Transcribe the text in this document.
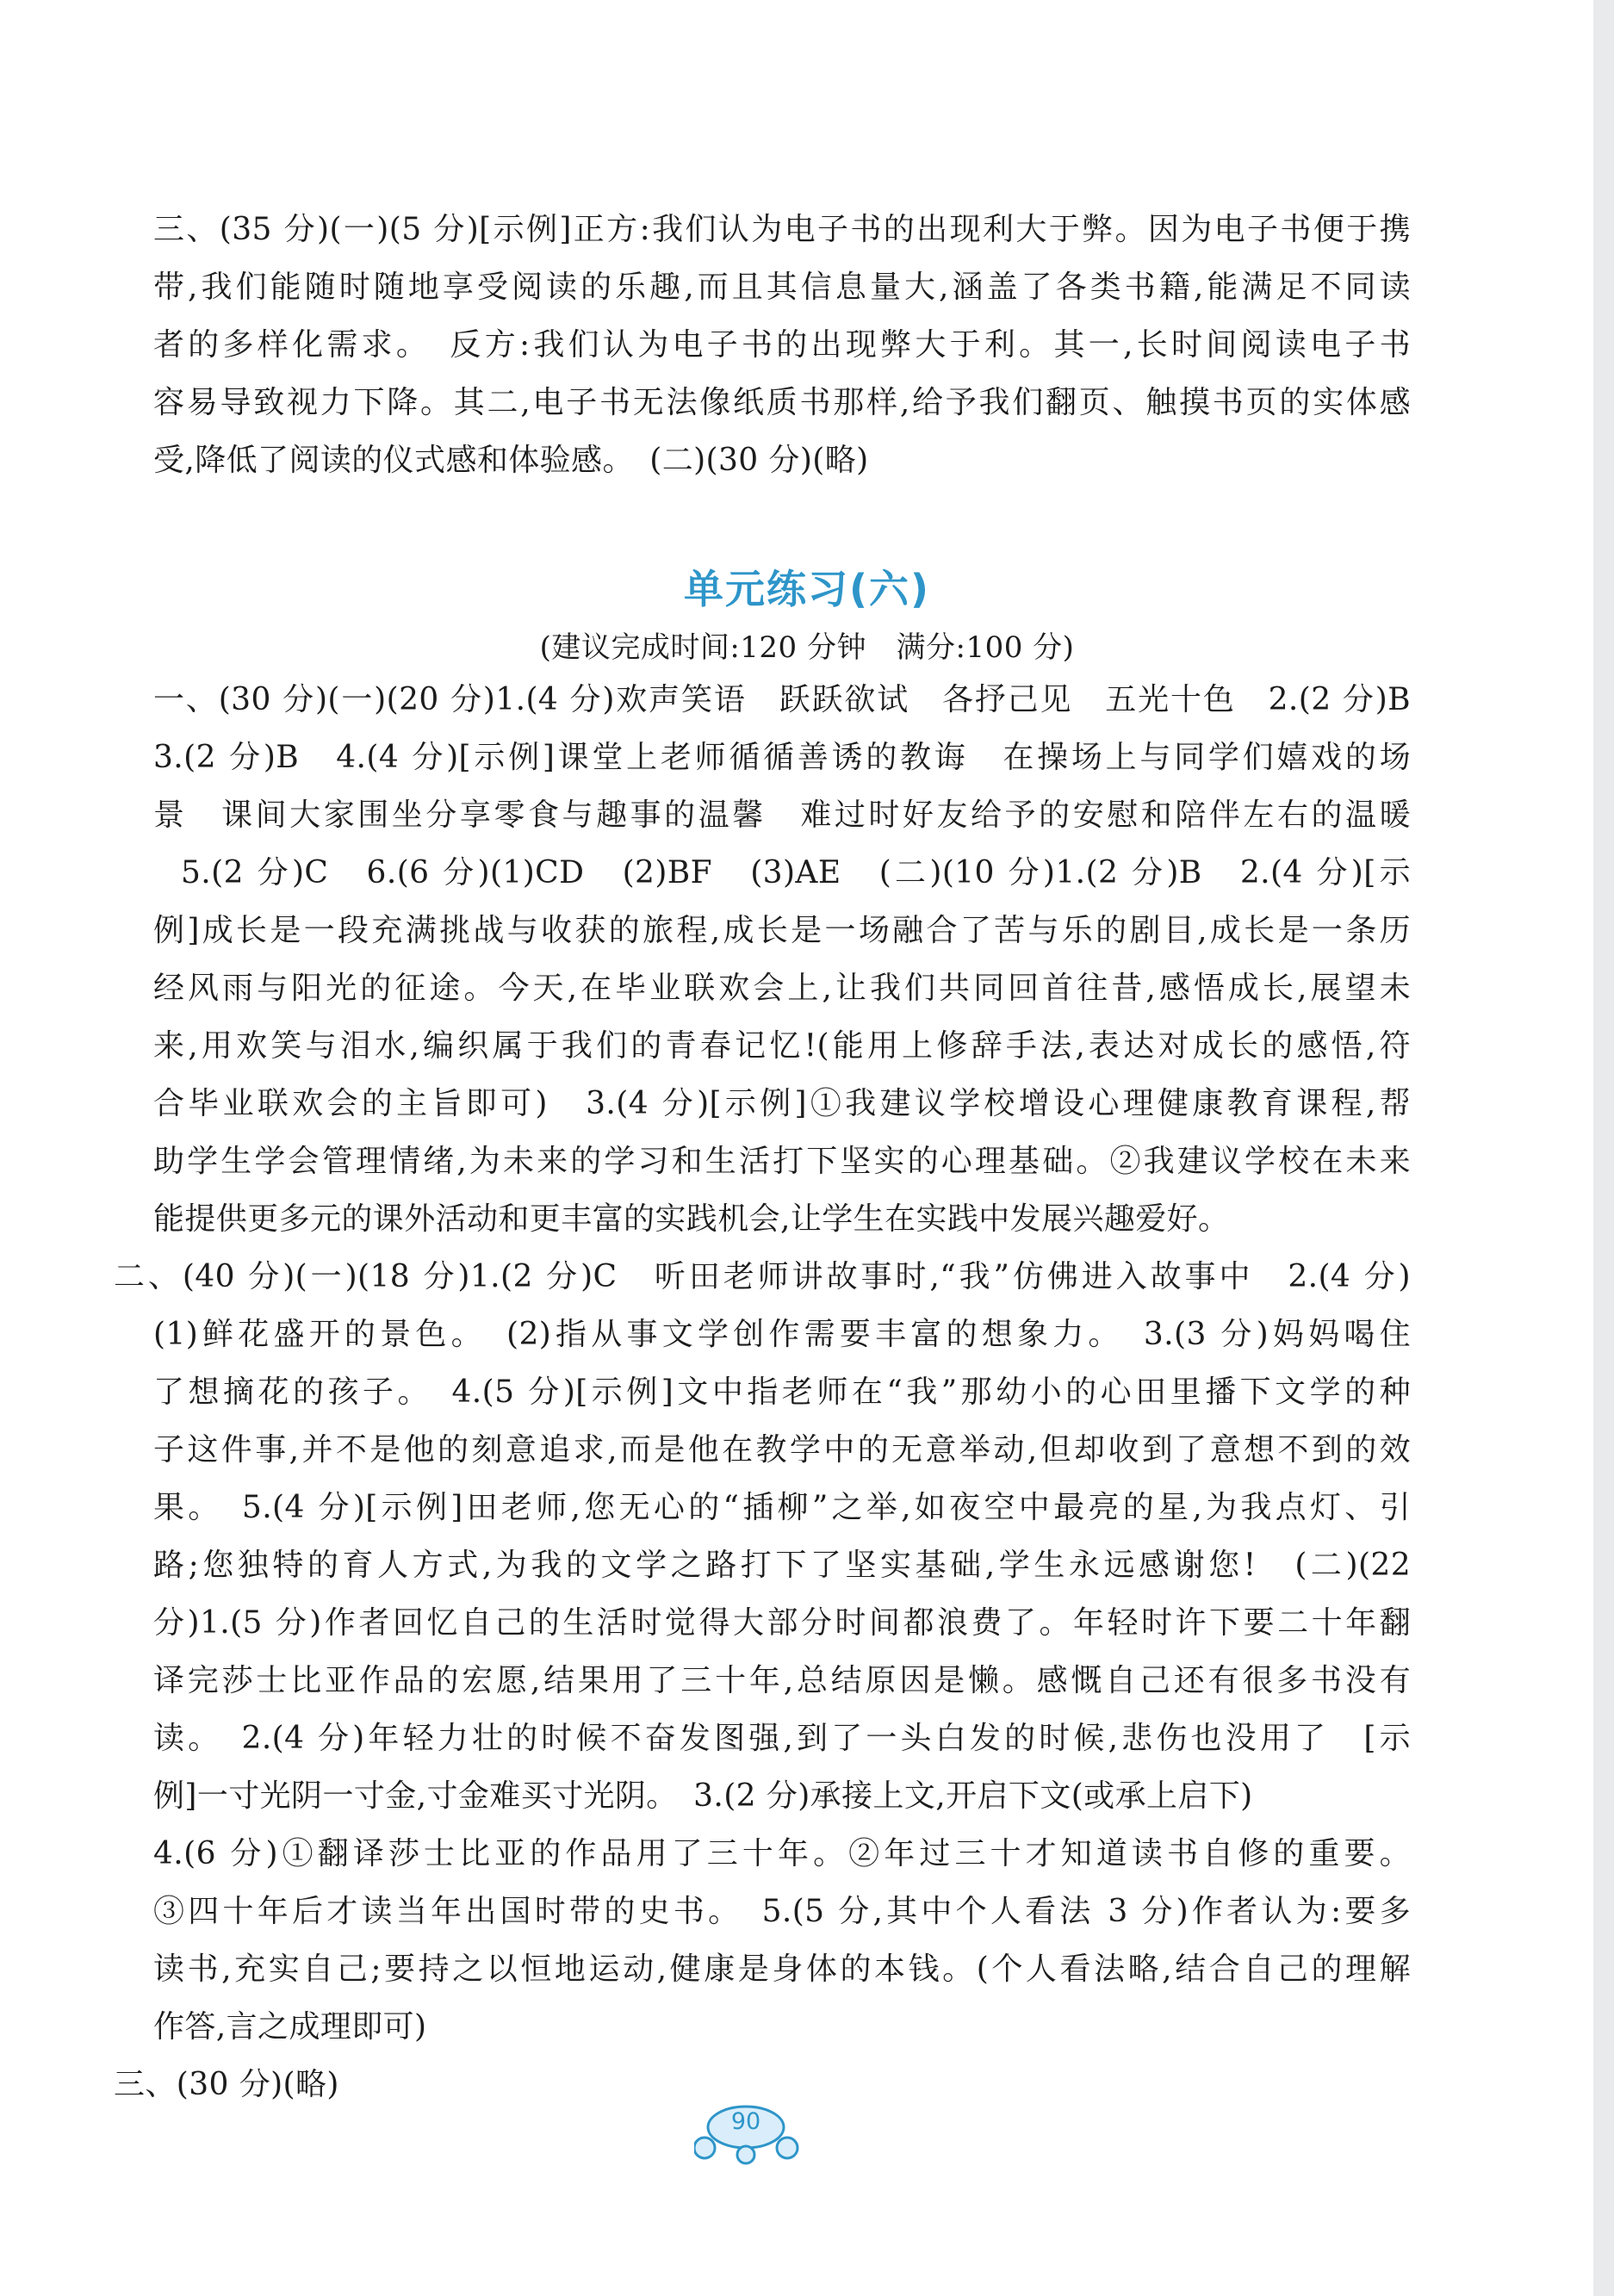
三、(35 分)(一)(5 分)[示例]正方:我们认为电子书的出现利大于弊。因为电子书便于携
带,我们能随时随地享受阅读的乐趣,而且其信息量大,涵盖了各类书籍,能满足不同读
者的多样化需求。　反方:我们认为电子书的出现弊大于利。其一,长时间阅读电子书
容易导致视力下降。其二,电子书无法像纸质书那样,给予我们翻页、触摸书页的实体感
受,降低了阅读的仪式感和体验感。　(二)(30 分)(略)
单元练习(六)
(建议完成时间:120 分钟　满分:100 分)
一、(30 分)(一)(20 分)1.(4 分)欢声笑语　跃跃欲试　各抒己见　五光十色　2.(2 分)B
3.(2 分)B　4.(4 分)[示例]课堂上老师循循善诱的教诲　在操场上与同学们嬉戏的场
景　课间大家围坐分享零食与趣事的温馨　难过时好友给予的安慰和陪伴左右的温暖
5.(2 分)C　6.(6 分)(1)CD　(2)BF　(3)AE　(二)(10 分)1.(2 分)B　2.(4 分)[示
例]成长是一段充满挑战与收获的旅程,成长是一场融合了苦与乐的剧目,成长是一条历
经风雨与阳光的征途。今天,在毕业联欢会上,让我们共同回首往昔,感悟成长,展望未
来,用欢笑与泪水,编织属于我们的青春记忆!(能用上修辞手法,表达对成长的感悟,符
合毕业联欢会的主旨即可)　3.(4 分)[示例]①我建议学校增设心理健康教育课程,帮
助学生学会管理情绪,为未来的学习和生活打下坚实的心理基础。②我建议学校在未来
能提供更多元的课外活动和更丰富的实践机会,让学生在实践中发展兴趣爱好。
二、(40 分)(一)(18 分)1.(2 分)C　听田老师讲故事时,“我”仿佛进入故事中　2.(4 分)
(1)鲜花盛开的景色。　(2)指从事文学创作需要丰富的想象力。　3.(3 分)妈妈喝住
了想摘花的孩子。　4.(5 分)[示例]文中指老师在“我”那幼小的心田里播下文学的种
子这件事,并不是他的刻意追求,而是他在教学中的无意举动,但却收到了意想不到的效
果。　5.(4 分)[示例]田老师,您无心的“插柳”之举,如夜空中最亮的星,为我点灯、引
路;您独特的育人方式,为我的文学之路打下了坚实基础,学生永远感谢您!　(二)(22
分)1.(5 分)作者回忆自己的生活时觉得大部分时间都浪费了。年轻时许下要二十年翻
译完莎士比亚作品的宏愿,结果用了三十年,总结原因是懒。感慨自己还有很多书没有
读。　2.(4 分)年轻力壮的时候不奋发图强,到了一头白发的时候,悲伤也没用了　[示
例]一寸光阴一寸金,寸金难买寸光阴。　3.(2 分)承接上文,开启下文(或承上启下)
4.(6 分)①翻译莎士比亚的作品用了三十年。②年过三十才知道读书自修的重要。
③四十年后才读当年出国时带的史书。　5.(5 分,其中个人看法 3 分)作者认为:要多
读书,充实自己;要持之以恒地运动,健康是身体的本钱。(个人看法略,结合自己的理解
作答,言之成理即可)
三、(30 分)(略)
90
